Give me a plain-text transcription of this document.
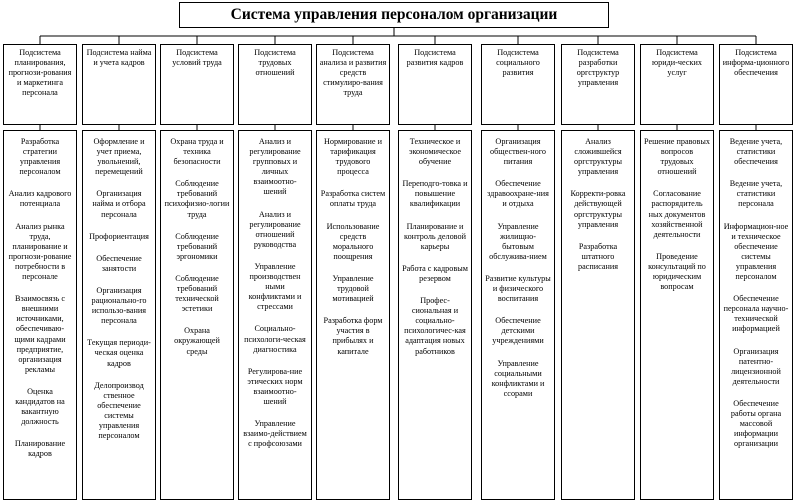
Система управления персоналом организации
Подсистема планирования, прогнози-рования и маркетинга персонала
Разработка стратегии управления персоналом
Анализ кадрового потенциала
Анализ рынка труда, планирование и прогнози-рование потребности в персонале
Взаимосвязь с внешними источниками, обеспечиваю-щими кадрами предприятие, организация рекламы
Оценка кандидатов на вакантную должность
Планирование кадров
Подсистема найма и учета кадров
Оформление и учет приема, увольнений, перемещений
Организация найма и отбора персонала
Профориентация
Обеспечение занятости
Организация рационально-го использо-вания персонала
Текущая периоди-ческая оценка кадров
Делопроизвод ственное обеспечение системы управления персоналом
Подсистема условий труда
Охрана труда и техника безопасности
Соблюдение требований психофизио-логии труда
Соблюдение требований эргономики
Соблюдение требований технической эстетики
Охрана окружающей среды
Подсистема трудовых отношений
Анализ и регулирование групповых и личных взаимоотно-шений
Анализ и регулирование отношений руководства
Управление производствен ными конфликтами и стрессами
Социально-психологи-ческая диагностика
Регулирова-ние этических норм взаимоотно-шений
Управление взаимо-действием с профсоюзами
Подсистема анализа и развития средств стимулиро-вания труда
Нормирование и тарификация трудового процесса
Разработка систем оплаты труда
Использование средств морального поощрения
Управление трудовой мотивацией
Разработка форм участия в прибылях и капитале
Подсистема развития кадров
Техническое и экономическое обучение
Переподго-товка и повышение квалификации
Планирование и контроль деловой карьеры
Работа с кадровым резервом
Профес-сиональная и социально-психологичес-кая адаптация новых работников
Подсистема социального развития
Организация обществен-ного питания
Обеспечение здравоохране-ния и отдыха
Управление жилищно-бытовым обслужива-нием
Развитие культуры и физического воспитания
Обеспечение детскими учреждениями
Управление социальными конфликтами и ссорами
Подсистема разработки оргструктур управления
Анализ сложившейся оргструктуры управления
Корректи-ровка действующей оргструктуры управления
Разработка штатного расписания
Подсистема юриди-ческих услуг
Решение правовых вопросов трудовых отношений
Согласование распорядитель ных документов хозяйственной деятельности
Проведение консультаций по юридическим вопросам
Подсистема информа-ционного обеспечения
Ведение учета, статистики обеспечения
Ведение учета, статистики персонала
Информацион-ное и техническое обеспечение системы управления персоналом
Обеспечение персонала научно-технической информацией
Организация патентно-лицензионной деятельности
Обеспечение работы органа массовой информации организации
